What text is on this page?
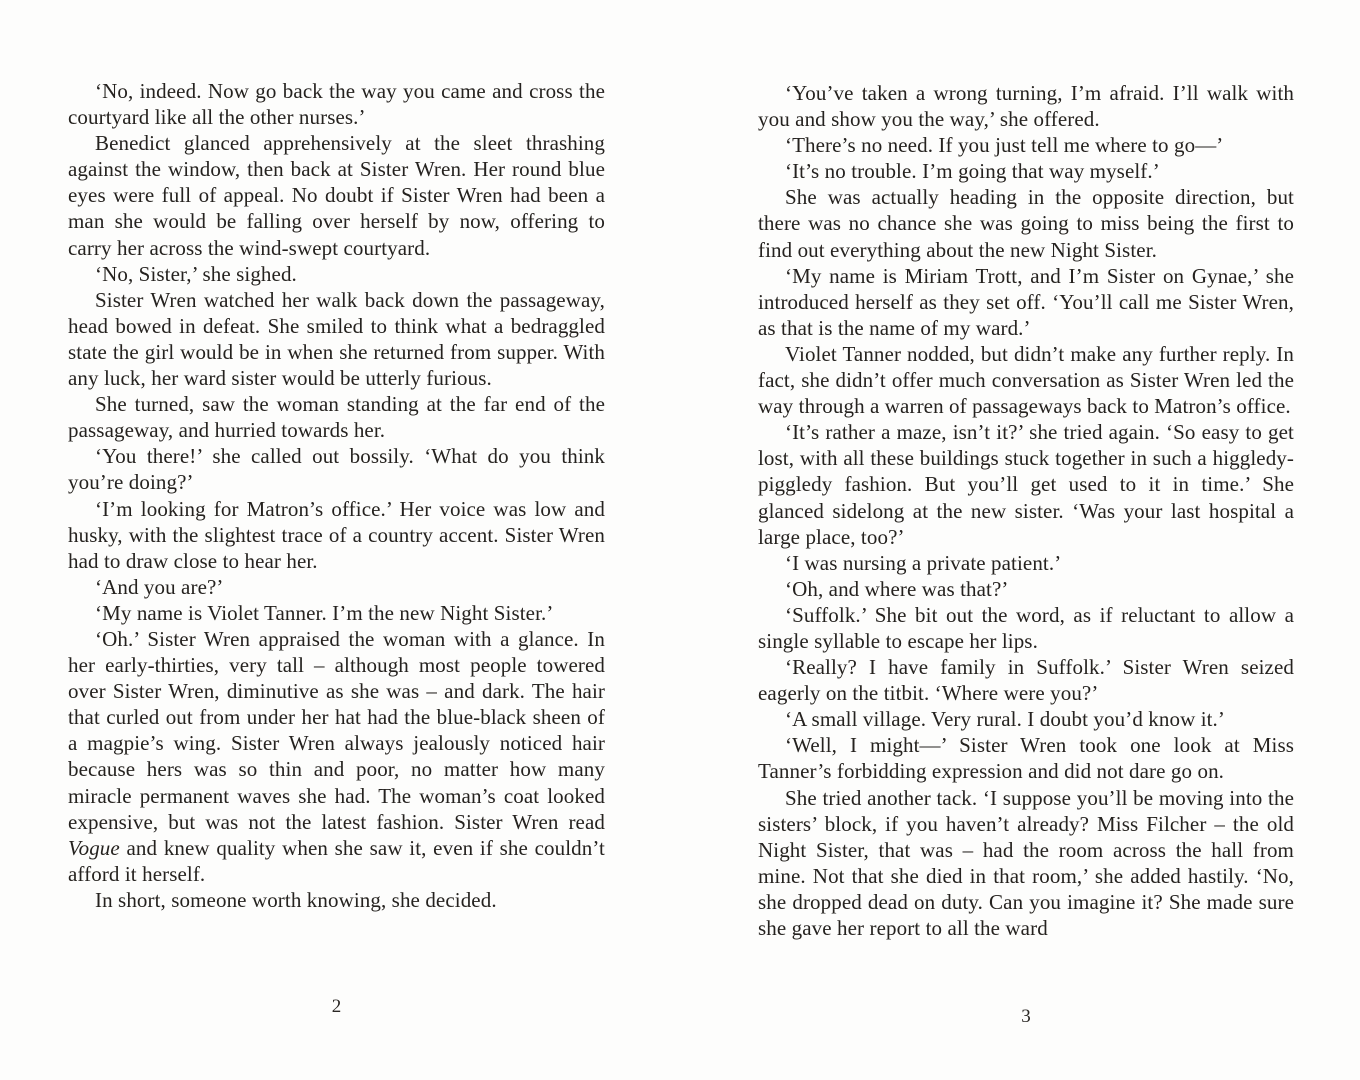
‘No, indeed. Now go back the way you came and cross the courtyard like all the other nurses.’

Benedict glanced apprehensively at the sleet thrashing against the window, then back at Sister Wren. Her round blue eyes were full of appeal. No doubt if Sister Wren had been a man she would be falling over herself by now, offering to carry her across the wind-swept courtyard.

‘No, Sister,’ she sighed.

Sister Wren watched her walk back down the passageway, head bowed in defeat. She smiled to think what a bedraggled state the girl would be in when she returned from supper. With any luck, her ward sister would be utterly furious.

She turned, saw the woman standing at the far end of the passageway, and hurried towards her.

‘You there!’ she called out bossily. ‘What do you think you’re doing?’

‘I’m looking for Matron’s office.’ Her voice was low and husky, with the slightest trace of a country accent. Sister Wren had to draw close to hear her.

‘And you are?’

‘My name is Violet Tanner. I’m the new Night Sister.’

‘Oh.’ Sister Wren appraised the woman with a glance. In her early-thirties, very tall – although most people towered over Sister Wren, diminutive as she was – and dark. The hair that curled out from under her hat had the blue-black sheen of a magpie’s wing. Sister Wren always jealously noticed hair because hers was so thin and poor, no matter how many miracle permanent waves she had. The woman’s coat looked expensive, but was not the latest fashion. Sister Wren read Vogue and knew quality when she saw it, even if she couldn’t afford it herself.

In short, someone worth knowing, she decided.

2

‘You’ve taken a wrong turning, I’m afraid. I’ll walk with you and show you the way,’ she offered.

‘There’s no need. If you just tell me where to go—’

‘It’s no trouble. I’m going that way myself.’

She was actually heading in the opposite direction, but there was no chance she was going to miss being the first to find out everything about the new Night Sister.

‘My name is Miriam Trott, and I’m Sister on Gynae,’ she introduced herself as they set off. ‘You’ll call me Sister Wren, as that is the name of my ward.’

Violet Tanner nodded, but didn’t make any further reply. In fact, she didn’t offer much conversation as Sister Wren led the way through a warren of passageways back to Matron’s office.

‘It’s rather a maze, isn’t it?’ she tried again. ‘So easy to get lost, with all these buildings stuck together in such a higgledy-piggledy fashion. But you’ll get used to it in time.’ She glanced sidelong at the new sister. ‘Was your last hospital a large place, too?’

‘I was nursing a private patient.’

‘Oh, and where was that?’

‘Suffolk.’ She bit out the word, as if reluctant to allow a single syllable to escape her lips.

‘Really? I have family in Suffolk.’ Sister Wren seized eagerly on the titbit. ‘Where were you?’

‘A small village. Very rural. I doubt you’d know it.’

‘Well, I might—’ Sister Wren took one look at Miss Tanner’s forbidding expression and did not dare go on.

She tried another tack. ‘I suppose you’ll be moving into the sisters’ block, if you haven’t already? Miss Filcher – the old Night Sister, that was – had the room across the hall from mine. Not that she died in that room,’ she added hastily. ‘No, she dropped dead on duty. Can you imagine it? She made sure she gave her report to all the ward

3
